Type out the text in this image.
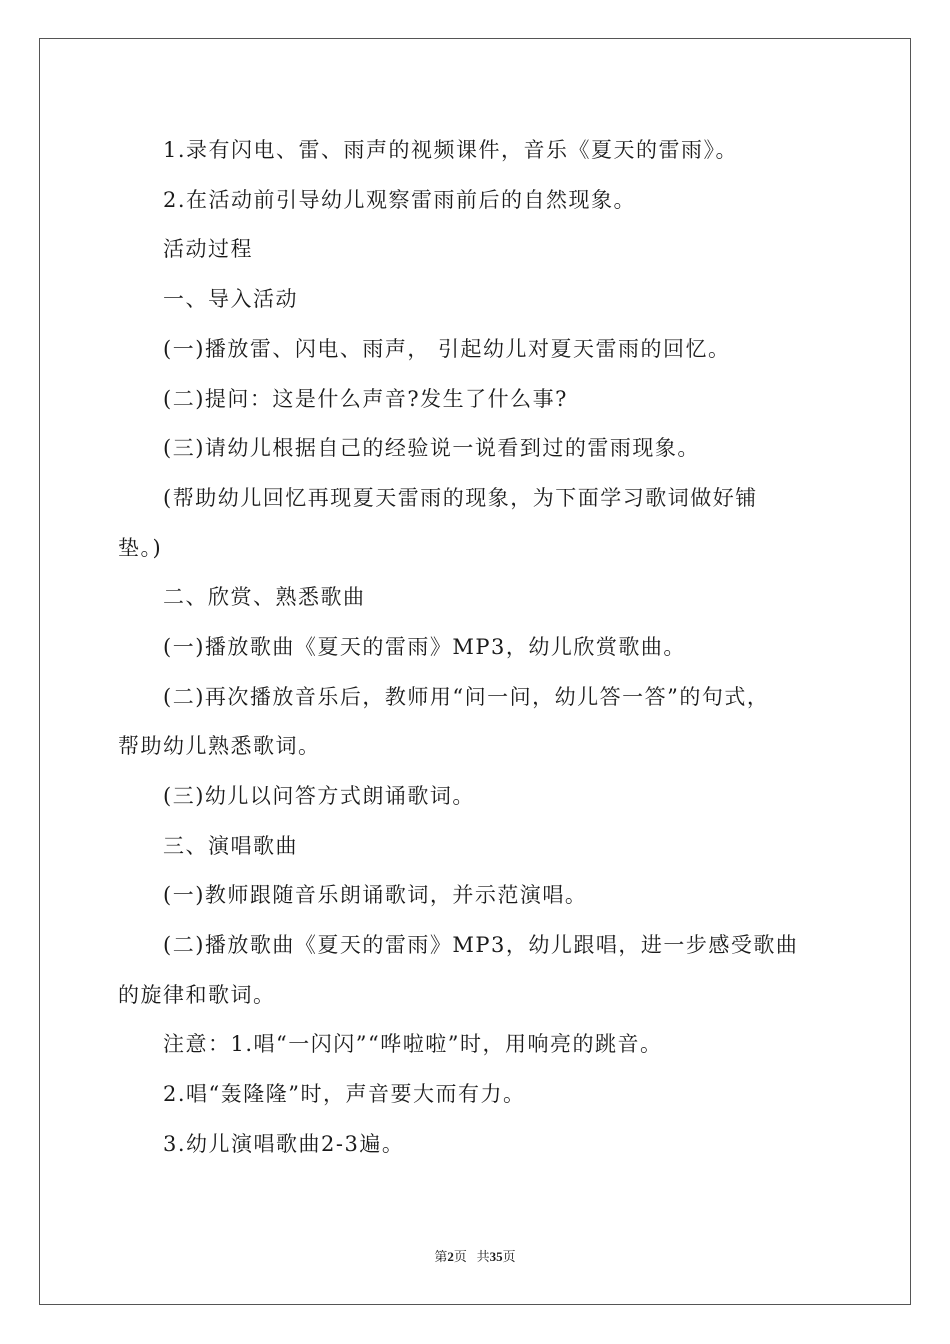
1.录有闪电、雷、雨声的视频课件，音乐《夏天的雷雨》。
2.在活动前引导幼儿观察雷雨前后的自然现象。
活动过程
一、导入活动
(一)播放雷、闪电、雨声， 引起幼儿对夏天雷雨的回忆。
(二)提问：这是什么声音?发生了什么事?
(三)请幼儿根据自己的经验说一说看到过的雷雨现象。
(帮助幼儿回忆再现夏天雷雨的现象，为下面学习歌词做好铺
垫。)
二、欣赏、熟悉歌曲
(一)播放歌曲《夏天的雷雨》MP3，幼儿欣赏歌曲。
(二)再次播放音乐后，教师用“问一问，幼儿答一答”的句式，
帮助幼儿熟悉歌词。
(三)幼儿以问答方式朗诵歌词。
三、演唱歌曲
(一)教师跟随音乐朗诵歌词，并示范演唱。
(二)播放歌曲《夏天的雷雨》MP3，幼儿跟唱，进一步感受歌曲
的旋律和歌词。
注意：1.唱“一闪闪”“哗啦啦”时，用响亮的跳音。
2.唱“轰隆隆”时，声音要大而有力。
3.幼儿演唱歌曲2-3遍。
第2页 共35页
